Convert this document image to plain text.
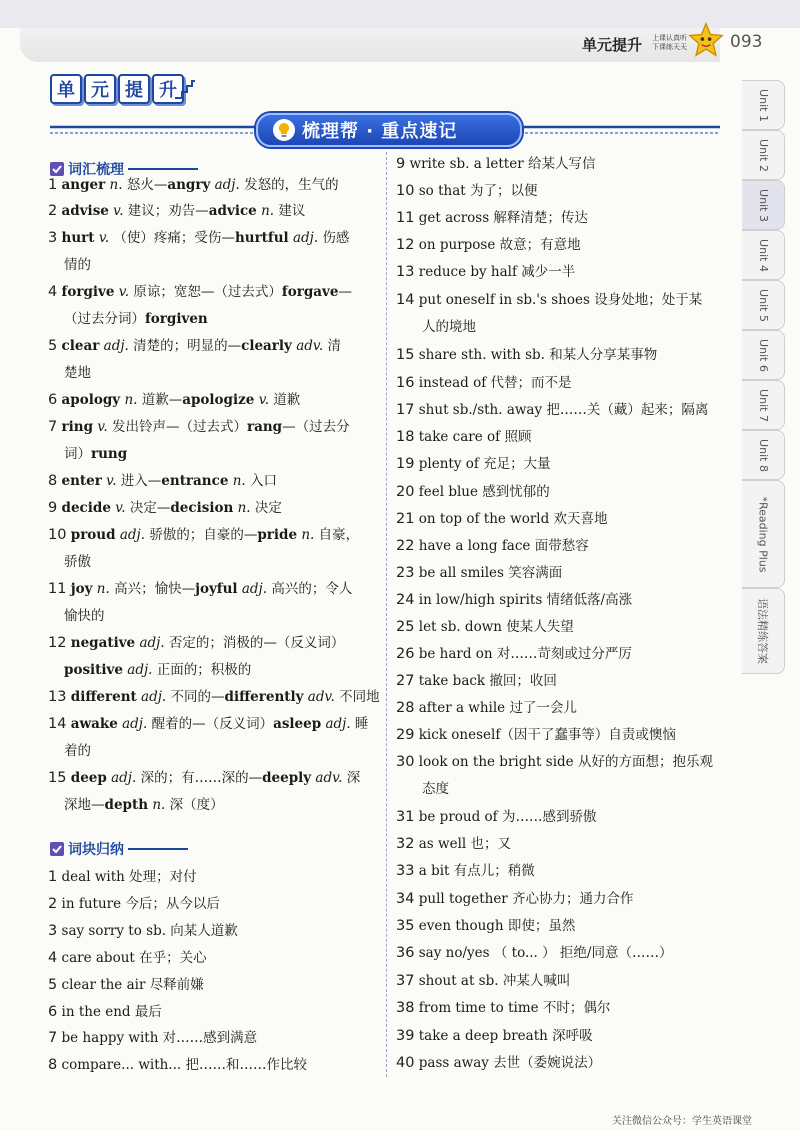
单元提升 上课认真听
下课练天天	093
单 元 提 升
梳理帮 · 重点速记
词汇梳理
1 anger n. 怒火—angry adj. 发怒的，生气的
2 advise v. 建议；劝告—advice n. 建议
3 hurt v. （使）疼痛；受伤—hurtful adj. 伤感
情的
4 forgive v. 原谅；宽恕—（过去式）forgave—
（过去分词）forgiven
5 clear adj. 清楚的；明显的—clearly adv. 清
楚地
6 apology n. 道歉—apologize v. 道歉
7 ring v. 发出铃声—（过去式）rang—（过去分
词）rung
8 enter v. 进入—entrance n. 入口
9 decide v. 决定—decision n. 决定
10 proud adj. 骄傲的；自豪的—pride n. 自豪，
骄傲
11 joy n. 高兴；愉快—joyful adj. 高兴的；令人
愉快的
12 negative adj. 否定的；消极的—（反义词）
positive adj. 正面的；积极的
13 different adj. 不同的—differently adv. 不同地
14 awake adj. 醒着的—（反义词）asleep adj. 睡
着的
15 deep adj. 深的；有……深的—deeply adv. 深
深地—depth n. 深（度）
词块归纳
1 deal with 处理；对付
2 in future 今后；从今以后
3 say sorry to sb. 向某人道歉
4 care about 在乎；关心
5 clear the air 尽释前嫌
6 in the end 最后
7 be happy with 对……感到满意
8 compare... with... 把……和……作比较
9 write sb. a letter 给某人写信
10 so that 为了；以便
11 get across 解释清楚；传达
12 on purpose 故意；有意地
13 reduce by half 减少一半
14 put oneself in sb.'s shoes 设身处地；处于某
人的境地
15 share sth. with sb. 和某人分享某事物
16 instead of 代替；而不是
17 shut sb./sth. away 把……关（藏）起来；隔离
18 take care of 照顾
19 plenty of 充足；大量
20 feel blue 感到忧郁的
21 on top of the world 欢天喜地
22 have a long face 面带愁容
23 be all smiles 笑容满面
24 in low/high spirits 情绪低落/高涨
25 let sb. down 使某人失望
26 be hard on 对……苛刻或过分严厉
27 take back 撤回；收回
28 after a while 过了一会儿
29 kick oneself（因干了蠢事等）自责或懊恼
30 look on the bright side 从好的方面想；抱乐观
态度
31 be proud of 为……感到骄傲
32 as well 也；又
33 a bit 有点儿；稍微
34 pull together 齐心协力；通力合作
35 even though 即使；虽然
36 say no/yes （ to... ） 拒绝/同意（……）
37 shout at sb. 冲某人喊叫
38 from time to time 不时；偶尔
39 take a deep breath 深呼吸
40 pass away 去世（委婉说法）
Unit 1
Unit 2
Unit 3
Unit 4
Unit 5
Unit 6
Unit 7
Unit 8
*Reading Plus
语法精练答案
关注微信公众号：学生英语课堂
